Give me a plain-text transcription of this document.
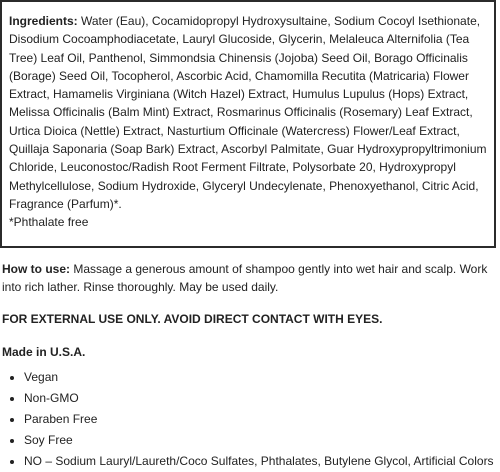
Ingredients: Water (Eau), Cocamidopropyl Hydroxysultaine, Sodium Cocoyl Isethionate, Disodium Cocoamphodiacetate, Lauryl Glucoside, Glycerin, Melaleuca Alternifolia (Tea Tree) Leaf Oil, Panthenol, Simmondsia Chinensis (Jojoba) Seed Oil, Borago Officinalis (Borage) Seed Oil, Tocopherol, Ascorbic Acid, Chamomilla Recutita (Matricaria) Flower Extract, Hamamelis Virginiana (Witch Hazel) Extract, Humulus Lupulus (Hops) Extract, Melissa Officinalis (Balm Mint) Extract, Rosmarinus Officinalis (Rosemary) Leaf Extract, Urtica Dioica (Nettle) Extract, Nasturtium Officinale (Watercress) Flower/Leaf Extract, Quillaja Saponaria (Soap Bark) Extract, Ascorbyl Palmitate, Guar Hydroxypropyltrimonium Chloride, Leuconostoc/Radish Root Ferment Filtrate, Polysorbate 20, Hydroxypropyl Methylcellulose, Sodium Hydroxide, Glyceryl Undecylenate, Phenoxyethanol, Citric Acid, Fragrance (Parfum)*.

*Phthalate free

How to use: Massage a generous amount of shampoo gently into wet hair and scalp. Work into rich lather. Rinse thoroughly. May be used daily.

FOR EXTERNAL USE ONLY. AVOID DIRECT CONTACT WITH EYES.

Made in U.S.A.

• Vegan
• Non-GMO
• Paraben Free
• Soy Free
• NO – Sodium Lauryl/Laureth/Coco Sulfates, Phthalates, Butylene Glycol, Artificial Colors
